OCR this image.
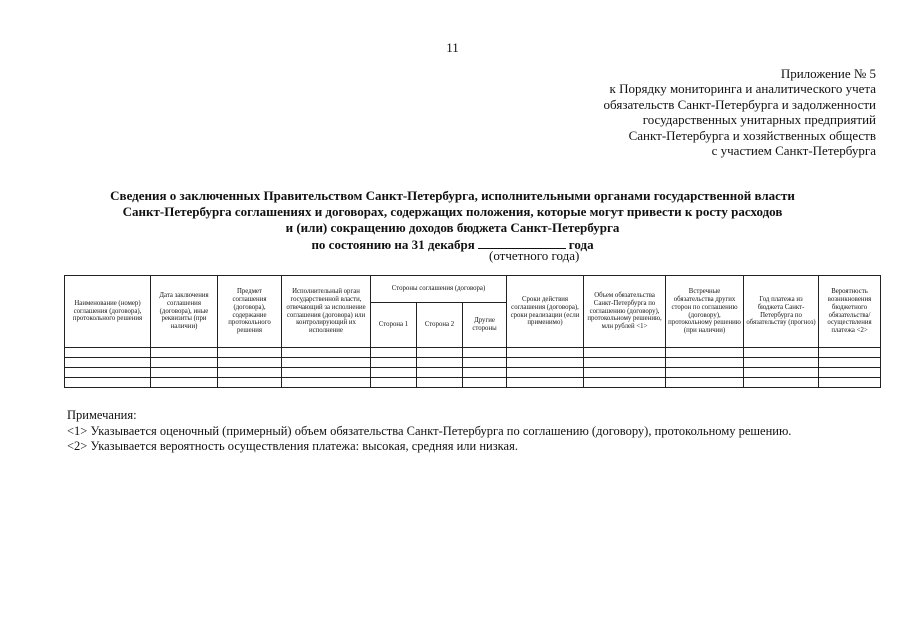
11
Приложение № 5
к Порядку мониторинга и аналитического учета
обязательств Санкт-Петербурга и задолженности
государственных унитарных предприятий
Санкт-Петербурга и хозяйственных обществ
с участием Санкт-Петербурга
Сведения о заключенных Правительством Санкт-Петербурга, исполнительными органами государственной власти
Санкт-Петербурга соглашениях и договорах, содержащих положения, которые могут привести к росту расходов
и (или) сокращению доходов бюджета Санкт-Петербурга
по состоянию на 31 декабря	года
(отчетного года)
Наименование (номер) соглашения (договора), протокольного решения	Дата заключения соглашения (договора), иные реквизиты (при наличии)	Предмет соглашения (договора), содержание протокольного решения	Исполнительный орган государственной власти, отвечающий за исполнение соглашения (договора) или контролирующий их исполнение	Стороны соглашения (договора)			Сроки действия соглашения (договора), сроки реализации (если применимо)	Объем обязательства Санкт-Петербурга по соглашению (договору), протокольному решению, млн рублей <1>	Встречные обязательства других сторон по соглашению (договору), протокольному решению (при наличии)	Год платежа из бюджета Санкт-Петербурга по обязательству (прогноз)	Вероятность возникновения бюджетного обязательства/ осуществления платежа <2>
				Сторона 1	Сторона 2	Другие стороны					

Примечания:
<1> Указывается оценочный (примерный) объем обязательства Санкт-Петербурга по соглашению (договору), протокольному решению.
<2> Указывается вероятность осуществления платежа: высокая, средняя или низкая.
